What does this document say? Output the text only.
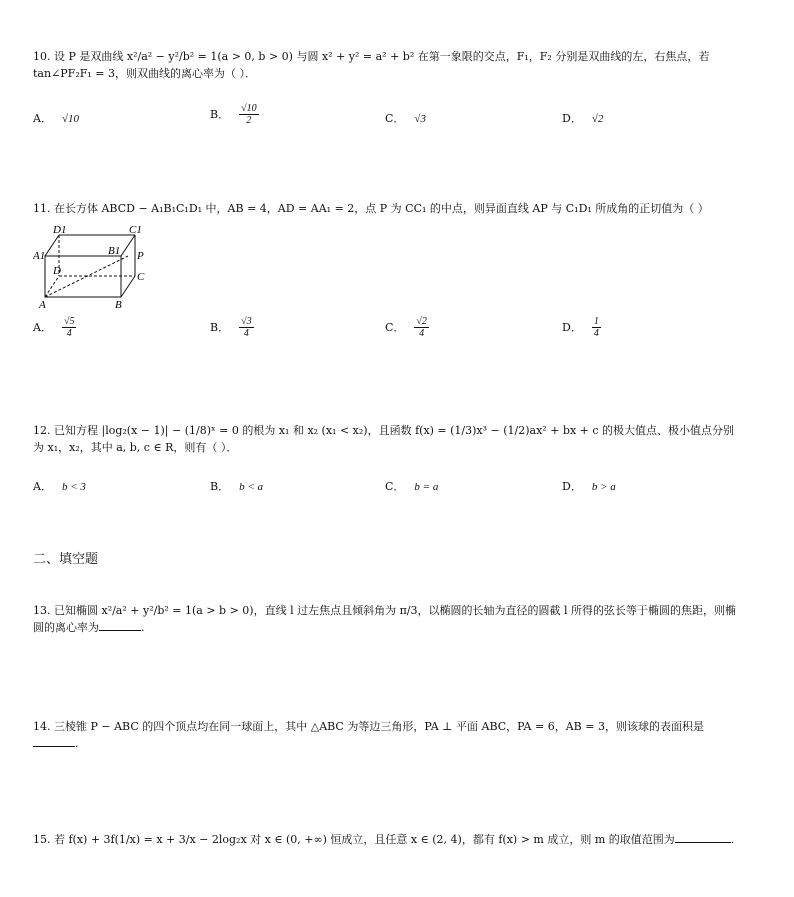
10. 设 P 是双曲线 x²/a² − y²/b² = 1(a > 0, b > 0) 与圆 x² + y² = a² + b² 在第一象限的交点，F₁，F₂ 分别是双曲线的左，右焦点，若 tan∠PF₂F₁ = 3，则双曲线的离心率为（ ）．
A． √10	B． $\frac{√10}{2}$	C． √3	D． √2
11. 在长方体 ABCD − A₁B₁C₁D₁ 中，AB = 4，AD = AA₁ = 2，点 P 为 CC₁ 的中点，则异面直线 AP 与 C₁D₁ 所成角的正切值为（ ）
D1	C1
A1	B1 P
D	C
A	B
A． $\frac{√5}{4}$	B． $\frac{√3}{4}$	C． $\frac{√2}{4}$	D． $\frac{1}{4}$
12. 已知方程 |log₂(x − 1)| − (1/8)ˣ = 0 的根为 x₁ 和 x₂ (x₁ < x₂)，且函数 f(x) = (1/3)x³ − (1/2)ax² + bx + c 的极大值点、极小值点分别为 x₁，x₂，其中 a, b, c ∈ R，则有（ ）．
A． b < 3	B． b < a	C． b = a	D． b > a
二、填空题
13. 已知椭圆 x²/a² + y²/b² = 1(a > b > 0)，直线 l 过左焦点且倾斜角为 π/3，以椭圆的长轴为直径的圆截 l 所得的弦长等于椭圆的焦距，则椭圆的离心率为	.
14. 三棱锥 P − ABC 的四个顶点均在同一球面上，其中 △ABC 为等边三角形，PA ⊥ 平面 ABC，PA = 6，AB = 3，则该球的表面积是.
15. 若 f(x) + 3f(1/x) = x + 3/x − 2log₂x 对 x ∈ (0, +∞) 恒成立，且任意 x ∈ (2, 4)，都有 f(x) > m 成立，则 m 的取值范围为	.
